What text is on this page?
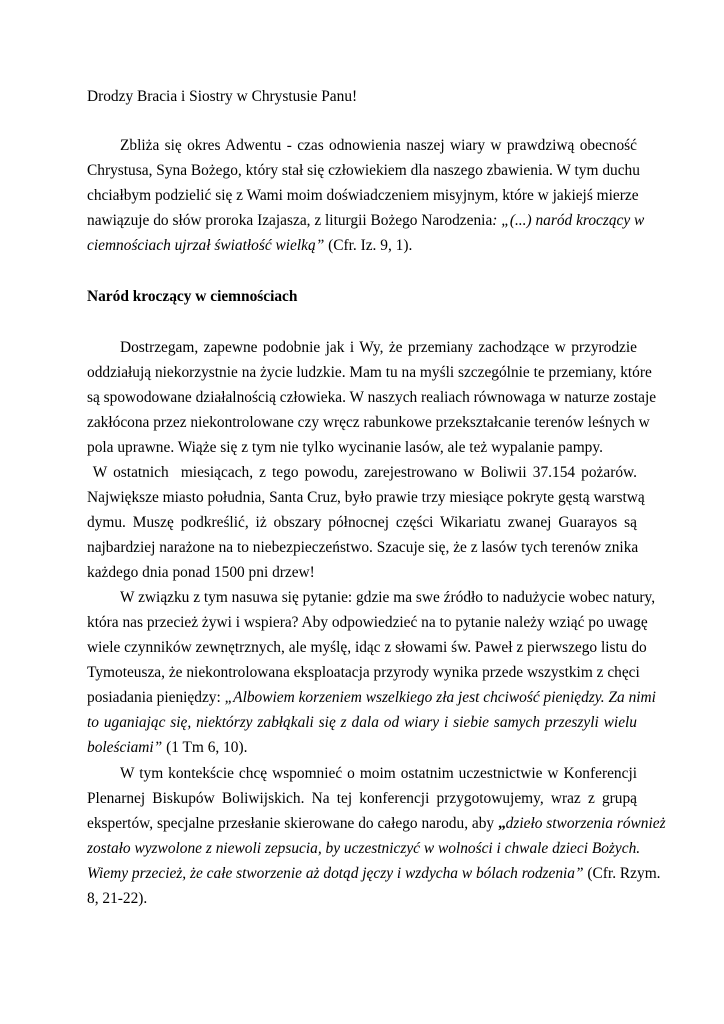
Drodzy Bracia i Siostry w Chrystusie Panu!
Zbliża się okres Adwentu - czas odnowienia naszej wiary w prawdziwą obecność
Chrystusa, Syna Bożego, który stał się człowiekiem dla naszego zbawienia. W tym duchu
chciałbym podzielić się z Wami moim doświadczeniem misyjnym, które w jakiejś mierze
nawiązuje do słów proroka Izajasza, z liturgii Bożego Narodzenia: „(...) naród kroczący w
ciemnościach ujrzał światłość wielką” (Cfr. Iz. 9, 1).
Naród kroczący w ciemnościach
Dostrzegam, zapewne podobnie jak i Wy, że przemiany zachodzące w przyrodzie
oddziałują niekorzystnie na życie ludzkie. Mam tu na myśli szczególnie te przemiany, które
są spowodowane działalnością człowieka. W naszych realiach równowaga w naturze zostaje
zakłócona przez niekontrolowane czy wręcz rabunkowe przekształcanie terenów leśnych w
pola uprawne. Wiąże się z tym nie tylko wycinanie lasów, ale też wypalanie pampy.
W ostatnich  miesiącach, z tego powodu, zarejestrowano w Boliwii 37.154 pożarów.
Największe miasto południa, Santa Cruz, było prawie trzy miesiące pokryte gęstą warstwą
dymu. Muszę podkreślić, iż obszary północnej części Wikariatu zwanej Guarayos są
najbardziej narażone na to niebezpieczeństwo. Szacuje się, że z lasów tych terenów znika
każdego dnia ponad 1500 pni drzew!
W związku z tym nasuwa się pytanie: gdzie ma swe źródło to nadużycie wobec natury,
która nas przecież żywi i wspiera? Aby odpowiedzieć na to pytanie należy wziąć po uwagę
wiele czynników zewnętrznych, ale myślę, idąc z słowami św. Paweł z pierwszego listu do
Tymoteusza, że niekontrolowana eksploatacja przyrody wynika przede wszystkim z chęci
posiadania pieniędzy: „Albowiem korzeniem wszelkiego zła jest chciwość pieniędzy. Za nimi
to uganiając się, niektórzy zabłąkali się z dala od wiary i siebie samych przeszyli wielu
boleściami” (1 Tm 6, 10).
W tym kontekście chcę wspomnieć o moim ostatnim uczestnictwie w Konferencji
Plenarnej Biskupów Boliwijskich. Na tej konferencji przygotowujemy, wraz z grupą
ekspertów, specjalne przesłanie skierowane do całego narodu, aby „dzieło stworzenia również
zostało wyzwolone z niewoli zepsucia, by uczestniczyć w wolności i chwale dzieci Bożych.
Wiemy przecież, że całe stworzenie aż dotąd jęczy i wzdycha w bólach rodzenia” (Cfr. Rzym.
8, 21-22).
